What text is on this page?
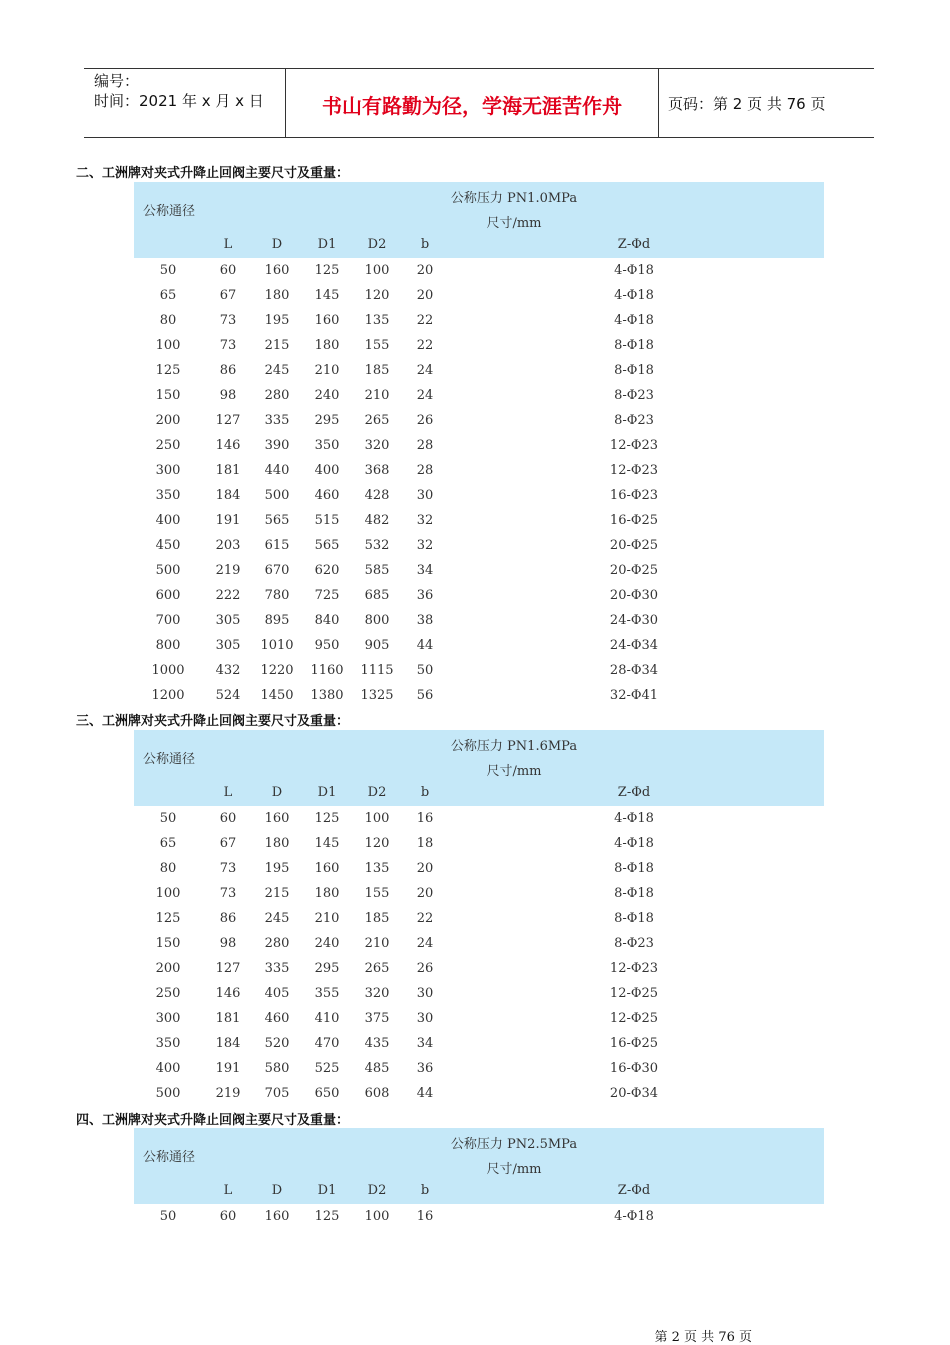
编号：
时间：2021 年 x 月 x 日	书山有路勤为径，学海无涯苦作舟	页码：第 2 页 共 76 页
二、工洲牌对夹式升降止回阀主要尺寸及重量：
公称压力 PN1.0MPa
尺寸/mm
公称通径
L	D	D1	D2	b	Z-Φd
50	60	160	125	100	20	4-Φ18
65	67	180	145	120	20	4-Φ18
80	73	195	160	135	22	4-Φ18
100	73	215	180	155	22	8-Φ18
125	86	245	210	185	24	8-Φ18
150	98	280	240	210	24	8-Φ23
200	127	335	295	265	26	8-Φ23
250	146	390	350	320	28	12-Φ23
300	181	440	400	368	28	12-Φ23
350	184	500	460	428	30	16-Φ23
400	191	565	515	482	32	16-Φ25
450	203	615	565	532	32	20-Φ25
500	219	670	620	585	34	20-Φ25
600	222	780	725	685	36	20-Φ30
700	305	895	840	800	38	24-Φ30
800	305	1010	950	905	44	24-Φ34
1000	432	1220	1160	1115	50	28-Φ34
1200	524	1450	1380	1325	56	32-Φ41
三、工洲牌对夹式升降止回阀主要尺寸及重量：
公称压力 PN1.6MPa
尺寸/mm
公称通径
L	D	D1	D2	b	Z-Φd
50	60	160	125	100	16	4-Φ18
65	67	180	145	120	18	4-Φ18
80	73	195	160	135	20	8-Φ18
100	73	215	180	155	20	8-Φ18
125	86	245	210	185	22	8-Φ18
150	98	280	240	210	24	8-Φ23
200	127	335	295	265	26	12-Φ23
250	146	405	355	320	30	12-Φ25
300	181	460	410	375	30	12-Φ25
350	184	520	470	435	34	16-Φ25
400	191	580	525	485	36	16-Φ30
500	219	705	650	608	44	20-Φ34
四、工洲牌对夹式升降止回阀主要尺寸及重量：
公称压力 PN2.5MPa
尺寸/mm
公称通径
L	D	D1	D2	b	Z-Φd
50	60	160	125	100	16	4-Φ18
第 2 页 共 76 页
